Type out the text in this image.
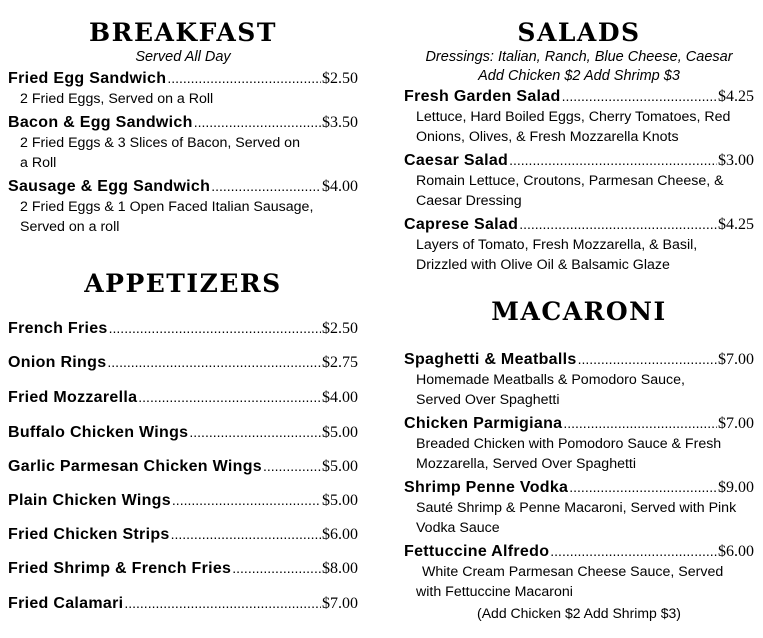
BREAKFAST
Served All Day
Fried Egg Sandwich .....	$2.50
2 Fried Eggs, Served on a Roll
Bacon & Egg Sandwich .....	$3.50
2 Fried Eggs & 3 Slices of Bacon, Served on
a Roll
Sausage & Egg Sandwich .....	$4.00
2 Fried Eggs & 1 Open Faced Italian Sausage,
Served on a roll
APPETIZERS
French Fries .....	$2.50
Onion Rings .....	$2.75
Fried Mozzarella .....	$4.00
Buffalo Chicken Wings .....	$5.00
Garlic Parmesan Chicken Wings .....	$5.00
Plain Chicken Wings .....	$5.00
Fried Chicken Strips .....	$6.00
Fried Shrimp & French Fries .....	$8.00
Fried Calamari .....	$7.00
SALADS
Dressings: Italian, Ranch, Blue Cheese, Caesar
Add Chicken $2 Add Shrimp $3
Fresh Garden Salad .....	$4.25
Lettuce, Hard Boiled Eggs, Cherry Tomatoes, Red
Onions, Olives, & Fresh Mozzarella Knots
Caesar Salad .....	$3.00
Romain Lettuce, Croutons, Parmesan Cheese, &
Caesar Dressing
Caprese Salad .....	$4.25
Layers of Tomato, Fresh Mozzarella, & Basil,
Drizzled with Olive Oil & Balsamic Glaze
MACARONI
Spaghetti & Meatballs .....	$7.00
Homemade Meatballs & Pomodoro Sauce,
Served Over Spaghetti
Chicken Parmigiana .....	$7.00
Breaded Chicken with Pomodoro Sauce & Fresh
Mozzarella, Served Over Spaghetti
Shrimp Penne Vodka .....	$9.00
Sauté Shrimp & Penne Macaroni, Served with Pink
Vodka Sauce
Fettuccine Alfredo .....	$6.00
White Cream Parmesan Cheese Sauce, Served
with Fettuccine Macaroni
(Add Chicken $2 Add Shrimp $3)
